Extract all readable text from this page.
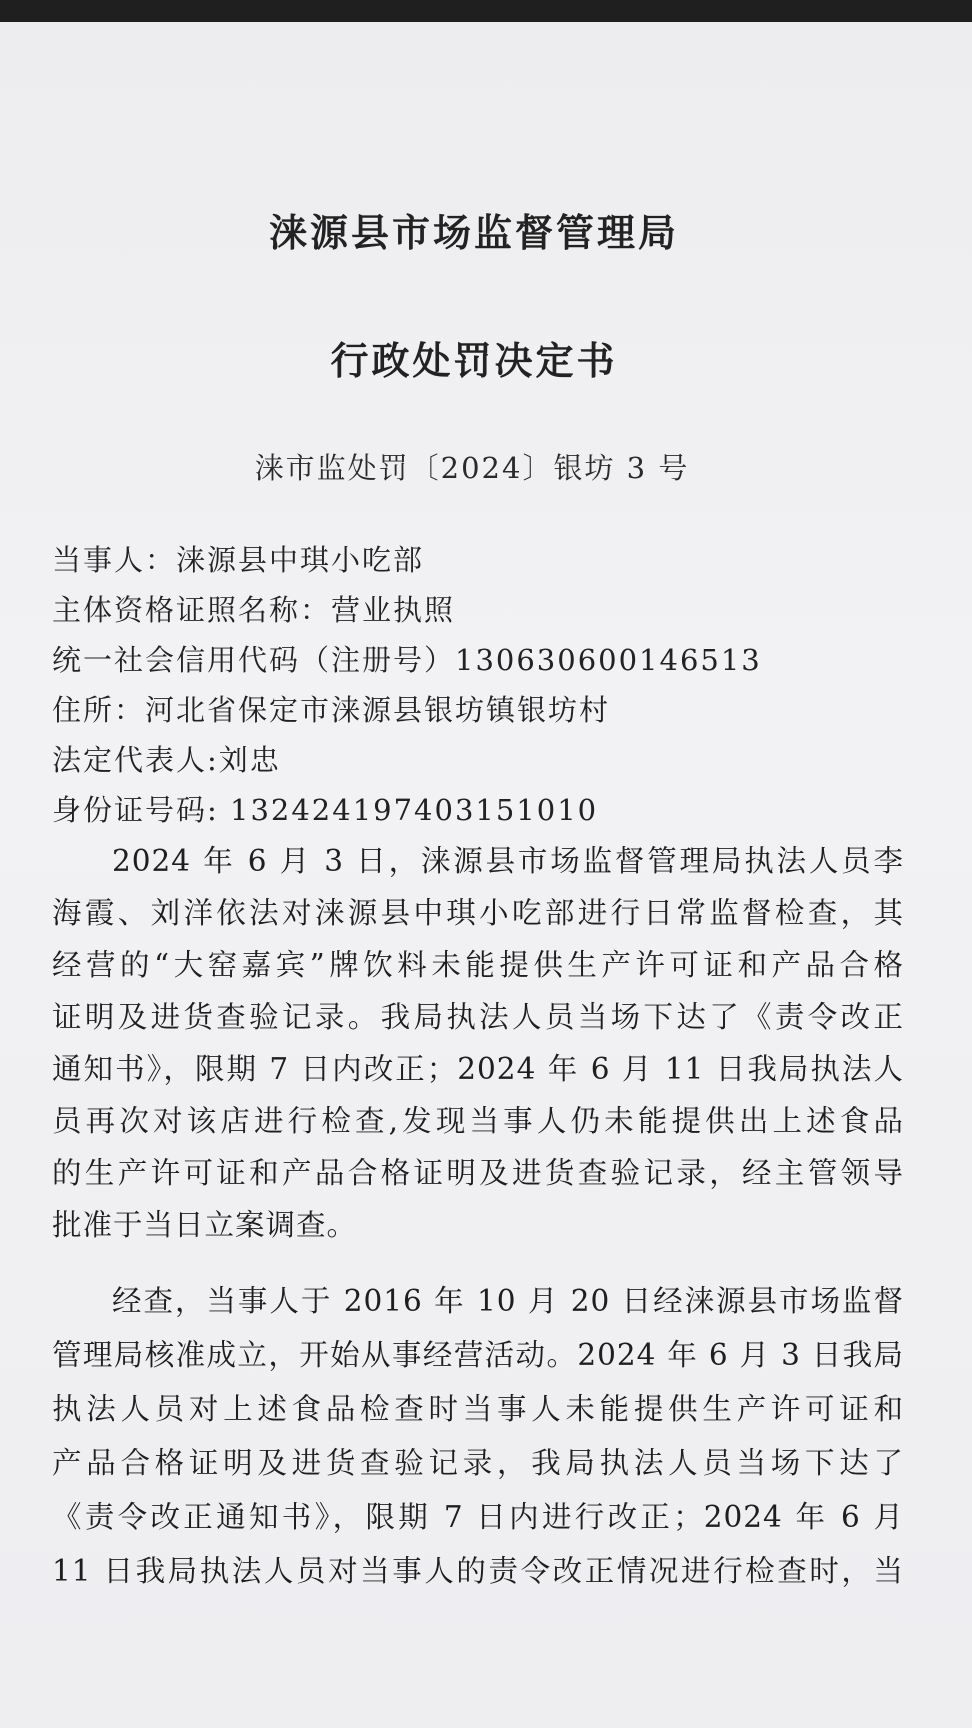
涞源县市场监督管理局
行政处罚决定书
涞市监处罚〔2024〕银坊 3 号
当事人：涞源县中琪小吃部
主体资格证照名称：营业执照
统一社会信用代码（注册号）130630600146513
住所：河北省保定市涞源县银坊镇银坊村
法定代表人:刘忠
身份证号码: 132424197403151010
2024 年 6 月 3 日，涞源县市场监督管理局执法人员李
海霞、刘洋依法对涞源县中琪小吃部进行日常监督检查，其
经营的“大窑嘉宾”牌饮料未能提供生产许可证和产品合格
证明及进货查验记录。我局执法人员当场下达了《责令改正
通知书》，限期 7 日内改正；2024 年 6 月 11 日我局执法人
员再次对该店进行检查,发现当事人仍未能提供出上述食品
的生产许可证和产品合格证明及进货查验记录，经主管领导
批准于当日立案调查。
经查，当事人于 2016 年 10 月 20 日经涞源县市场监督
管理局核准成立，开始从事经营活动。2024 年 6 月 3 日我局
执法人员对上述食品检查时当事人未能提供生产许可证和
产品合格证明及进货查验记录，我局执法人员当场下达了
《责令改正通知书》，限期 7 日内进行改正；2024 年 6 月
11 日我局执法人员对当事人的责令改正情况进行检查时，当
